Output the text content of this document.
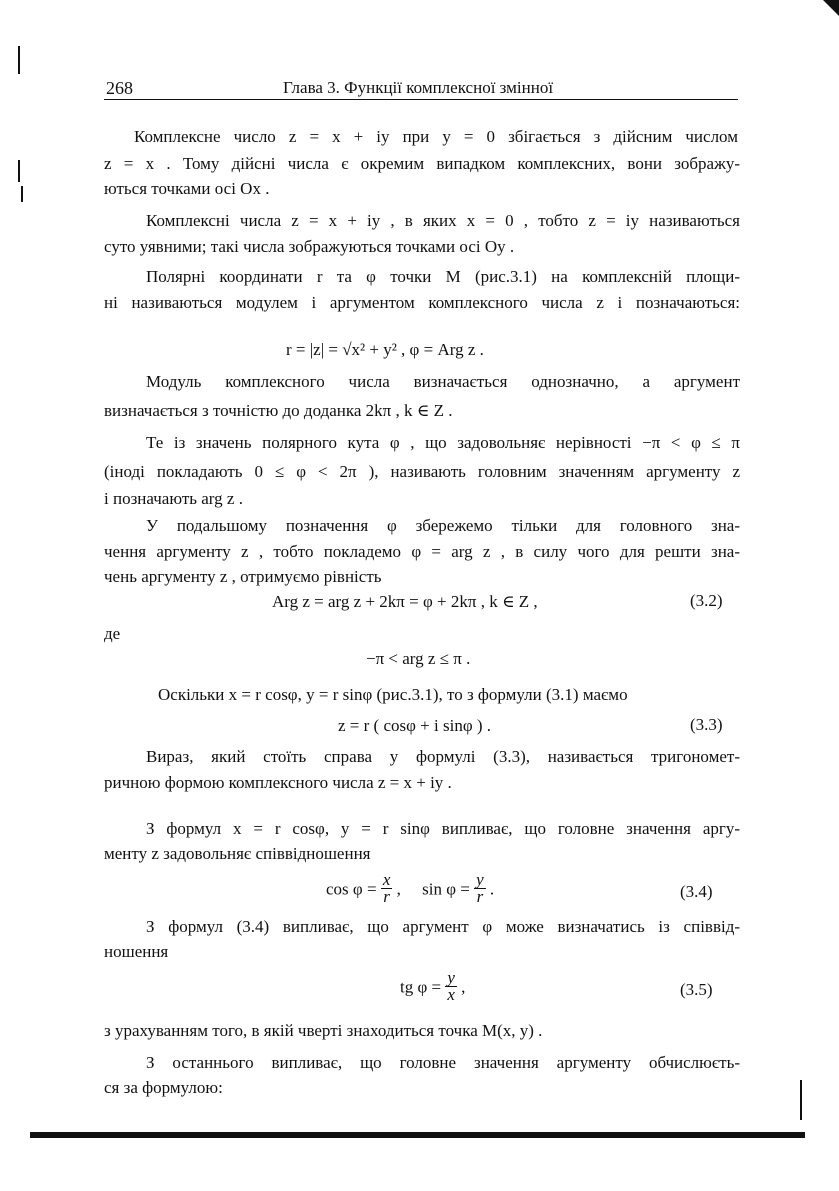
268	Глава 3. Функції комплексної змінної
Комплексне число z = x + iy при y = 0 збігається з дійсним числом
z = x . Тому дійсні числа є окремим випадком комплексних, вони зображу-
ються точками осі Ox .
Комплексні числа z = x + iy , в яких x = 0 , тобто z = iy називаються
суто уявними; такі числа зображуються точками осі Oy .
Полярні координати r та φ точки M (рис.3.1) на комплексній площи-
ні називаються модулем і аргументом комплексного числа z і позначаються:
r = |z| = √x² + y² , φ = Arg z .
Модуль комплексного числа визначається однозначно, а аргумент
визначається з точністю до доданка 2kπ , k ∈ Z .
Те із значень полярного кута φ , що задовольняє нерівності −π < φ ≤ π
(іноді покладають 0 ≤ φ < 2π ), називають головним значенням аргументу z
і позначають arg z .
У подальшому позначення φ збережемо тільки для головного зна-
чення аргументу z , тобто покладемо φ = arg z , в силу чого для решти зна-
чень аргументу z , отримуємо рівність
Arg z = arg z + 2kπ = φ + 2kπ , k ∈ Z ,	(3.2)
де
−π < arg z ≤ π .
Оскільки x = r cosφ, y = r sinφ (рис.3.1), то з формули (3.1) маємо
z = r ( cosφ + i sinφ ) .	(3.3)
Вираз, який стоїть справа у формулі (3.3), називається тригономет-
ричною формою комплексного числа z = x + iy .
З формул x = r cosφ, y = r sinφ випливає, що головне значення аргу-
менту z задовольняє співвідношення
$\cos \varphi = \frac{x}{r}$ , $\sin \varphi = \frac{y}{r}$ .	(3.4)
З формул (3.4) випливає, що аргумент φ може визначатись із співвід-
ношення
tg $\varphi = \frac{y}{x}$ ,	(3.5)
з урахуванням того, в якій чверті знаходиться точка M(x, y) .
З останнього випливає, що головне значення аргументу обчислюєть-
ся за формулою:
